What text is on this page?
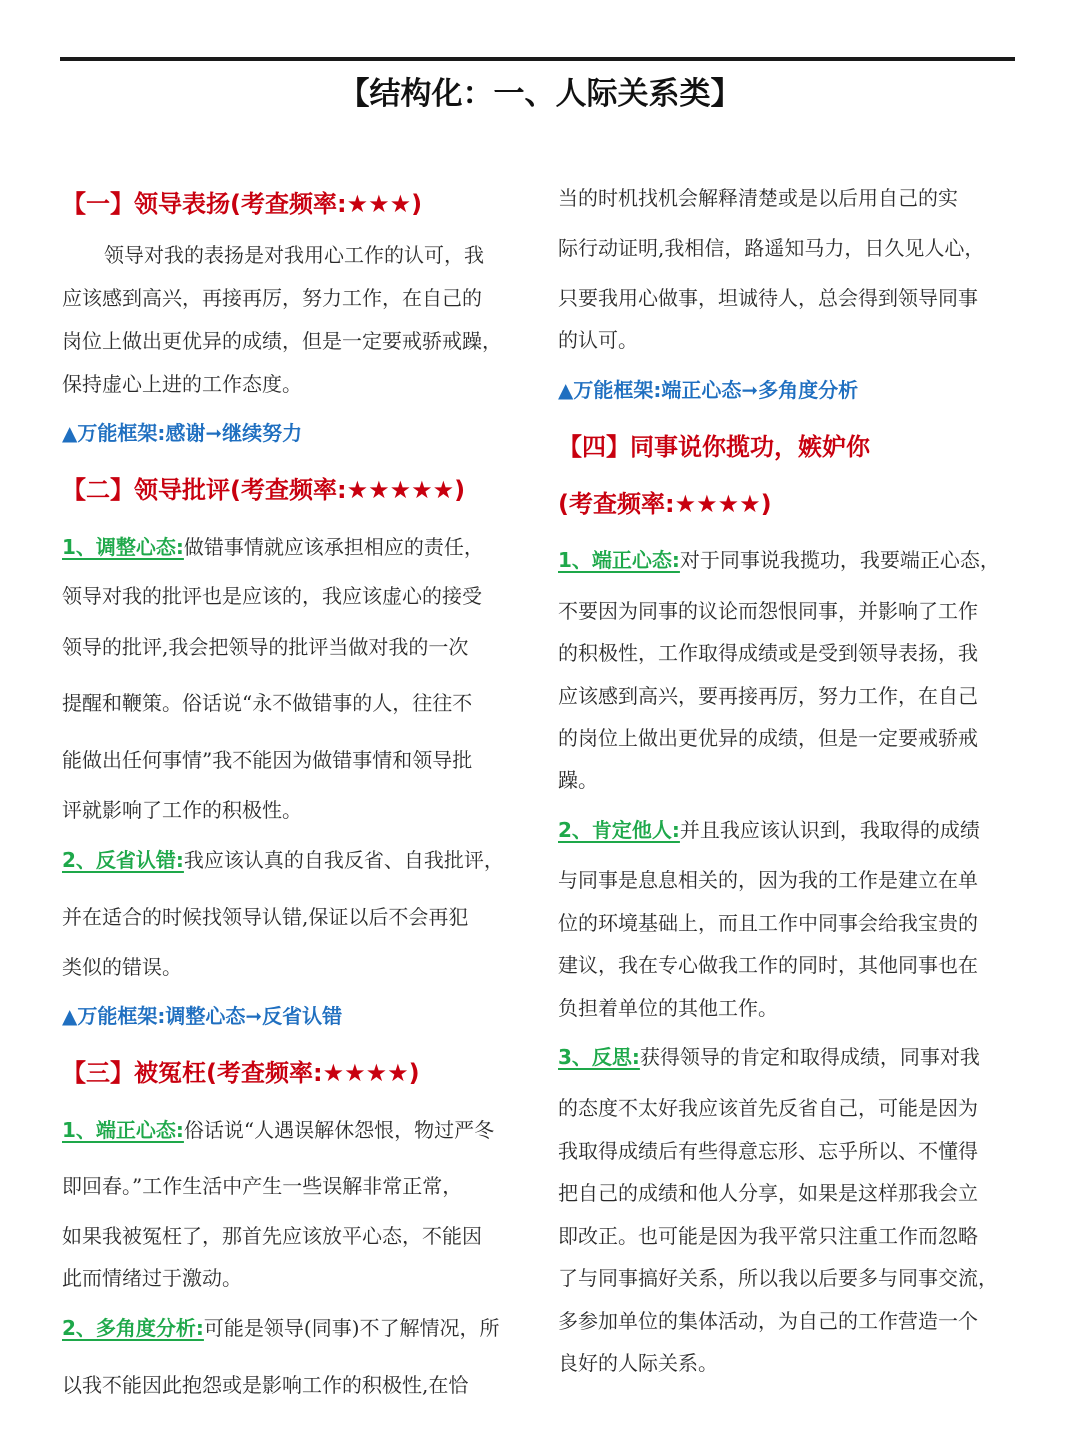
【结构化：一、人际关系类】
【一】领导表扬(考查频率:★★★)
领导对我的表扬是对我用心工作的认可，我
应该感到高兴，再接再厉，努力工作，在自己的
岗位上做出更优异的成绩，但是一定要戒骄戒躁，
保持虚心上进的工作态度。
▲万能框架:感谢➞继续努力
【二】领导批评(考查频率:★★★★★)
1、调整心态:做错事情就应该承担相应的责任，
领导对我的批评也是应该的，我应该虚心的接受
领导的批评,我会把领导的批评当做对我的一次
提醒和鞭策。俗话说“永不做错事的人，往往不
能做出任何事情”我不能因为做错事情和领导批
评就影响了工作的积极性。
2、反省认错:我应该认真的自我反省、自我批评，
并在适合的时候找领导认错,保证以后不会再犯
类似的错误。
▲万能框架:调整心态➞反省认错
【三】被冤枉(考查频率:★★★★)
1、端正心态:俗话说“人遇误解休怨恨，物过严冬
即回春。”工作生活中产生一些误解非常正常，
如果我被冤枉了，那首先应该放平心态，不能因
此而情绪过于激动。
2、多角度分析:可能是领导(同事)不了解情况，所
以我不能因此抱怨或是影响工作的积极性,在恰
当的时机找机会解释清楚或是以后用自己的实
际行动证明,我相信，路遥知马力，日久见人心，
只要我用心做事，坦诚待人，总会得到领导同事
的认可。
▲万能框架:端正心态➞多角度分析
【四】同事说你揽功，嫉妒你
(考查频率:★★★★)
1、端正心态:对于同事说我揽功，我要端正心态，
不要因为同事的议论而怨恨同事，并影响了工作
的积极性，工作取得成绩或是受到领导表扬，我
应该感到高兴，要再接再厉，努力工作，在自己
的岗位上做出更优异的成绩，但是一定要戒骄戒
躁。
2、肯定他人:并且我应该认识到，我取得的成绩
与同事是息息相关的，因为我的工作是建立在单
位的环境基础上，而且工作中同事会给我宝贵的
建议，我在专心做我工作的同时，其他同事也在
负担着单位的其他工作。
3、反思:获得领导的肯定和取得成绩，同事对我
的态度不太好我应该首先反省自己，可能是因为
我取得成绩后有些得意忘形、忘乎所以、不懂得
把自己的成绩和他人分享，如果是这样那我会立
即改正。也可能是因为我平常只注重工作而忽略
了与同事搞好关系，所以我以后要多与同事交流，
多参加单位的集体活动，为自己的工作营造一个
良好的人际关系。
